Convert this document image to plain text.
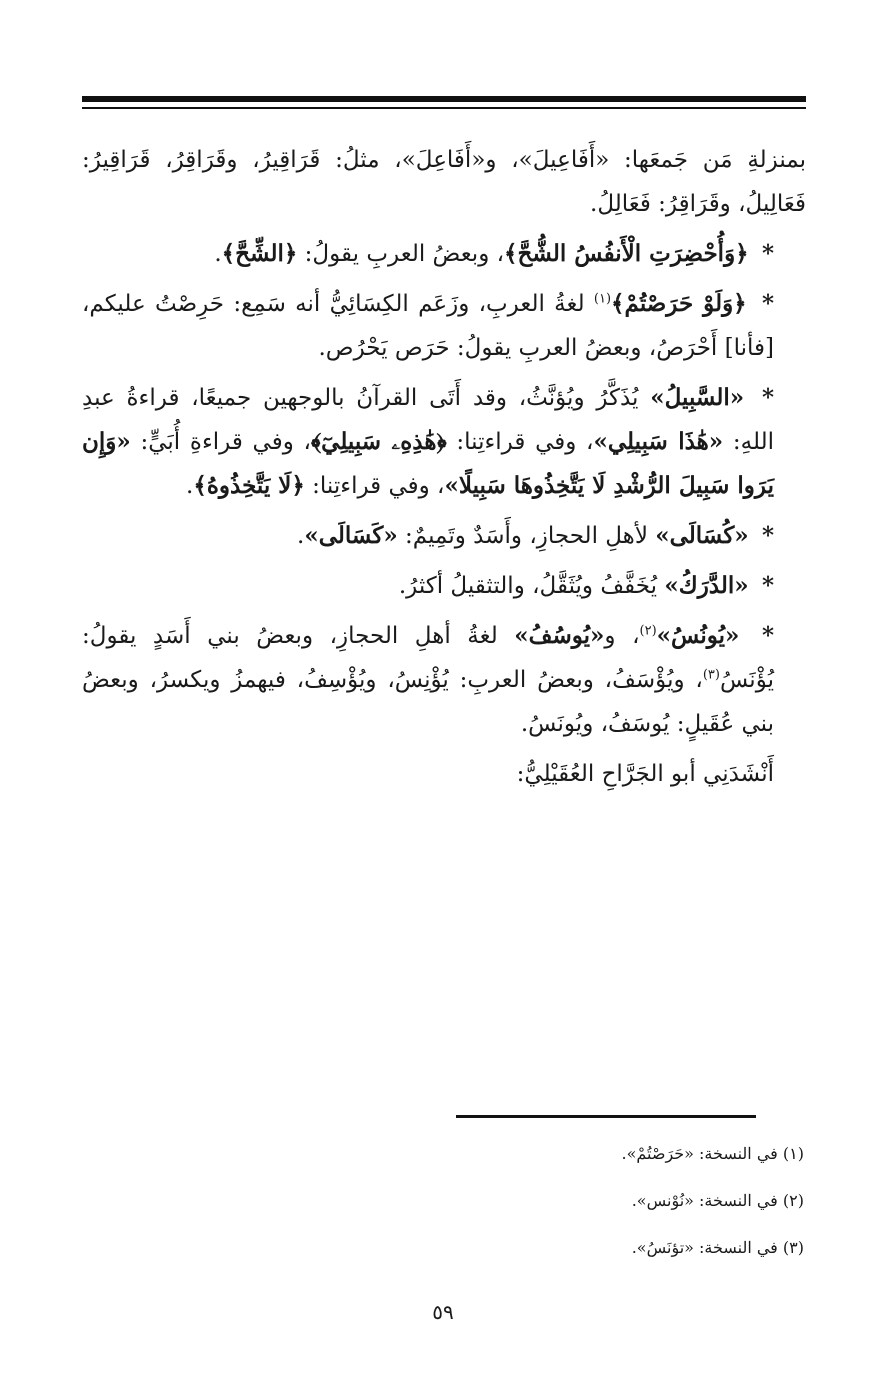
بمنزلةِ مَن جَمعَها: «أَفَاعِيلَ»، و«أَفَاعِلَ»، مثلُ: قَرَاقِيرُ، وقَرَاقِرُ، قَرَاقِيرُ: فَعَالِيلُ، وقَرَاقِرُ: فَعَالِلُ.

* ﴿وَأُحْضِرَتِ الْأَنفُسُ الشُّحَّ﴾، وبعضُ العربِ يقولُ: ﴿الشِّحَّ﴾.

* ﴿وَلَوْ حَرَصْتُمْ﴾$^{(١)}$ لغةُ العربِ، وزَعَم الكِسَائِيُّ أنه سَمِع: حَرِصْتُ عليكم، [فأنا] أَحْرَصُ، وبعضُ العربِ يقولُ: حَرَص يَحْرُص.

* «السَّبِيلُ» يُذَكَّرُ ويُؤنَّثُ، وقد أَتَى القرآنُ بالوجهين جميعًا، قراءةُ عبدِ اللهِ: «هَٰذَا سَبِيلِي»، وفي قراءتِنا: ﴿هَٰذِهِۦ سَبِيلِيٓ﴾، وفي قراءةِ أُبَيٍّ: «وَإِن يَرَوا سَبِيلَ الرُّشْدِ لَا يَتَّخِذُوهَا سَبِيلًا»، وفي قراءتِنا: ﴿لَا يَتَّخِذُوهُ﴾.

* «كُسَالَى» لأهلِ الحجازِ، وأَسَدٌ وتَمِيمٌ: «كَسَالَى».

* «الدَّرَكُ» يُخَفَّفُ ويُثَقَّلُ، والتثقيلُ أكثرُ.

* «يُونُسُ»$^{(٢)}$، و«يُوسُفُ» لغةُ أهلِ الحجازِ، وبعضُ بني أَسَدٍ يقولُ: يُؤْنَسُ$^{(٣)}$، ويُؤْسَفُ، وبعضُ العربِ: يُؤْنِسُ، ويُؤْسِفُ، فيهمزُ ويكسرُ، وبعضُ بني عُقَيلٍ: يُوسَفُ، ويُونَسُ.

أَنْشَدَنِي أبو الجَرَّاحِ العُقَيْلِيُّ:

(١) في النسخة: «حَرَصْتُمْ».

(٢) في النسخة: «نُوْنس».

(٣) في النسخة: «تؤنَسُ».

٥٩
